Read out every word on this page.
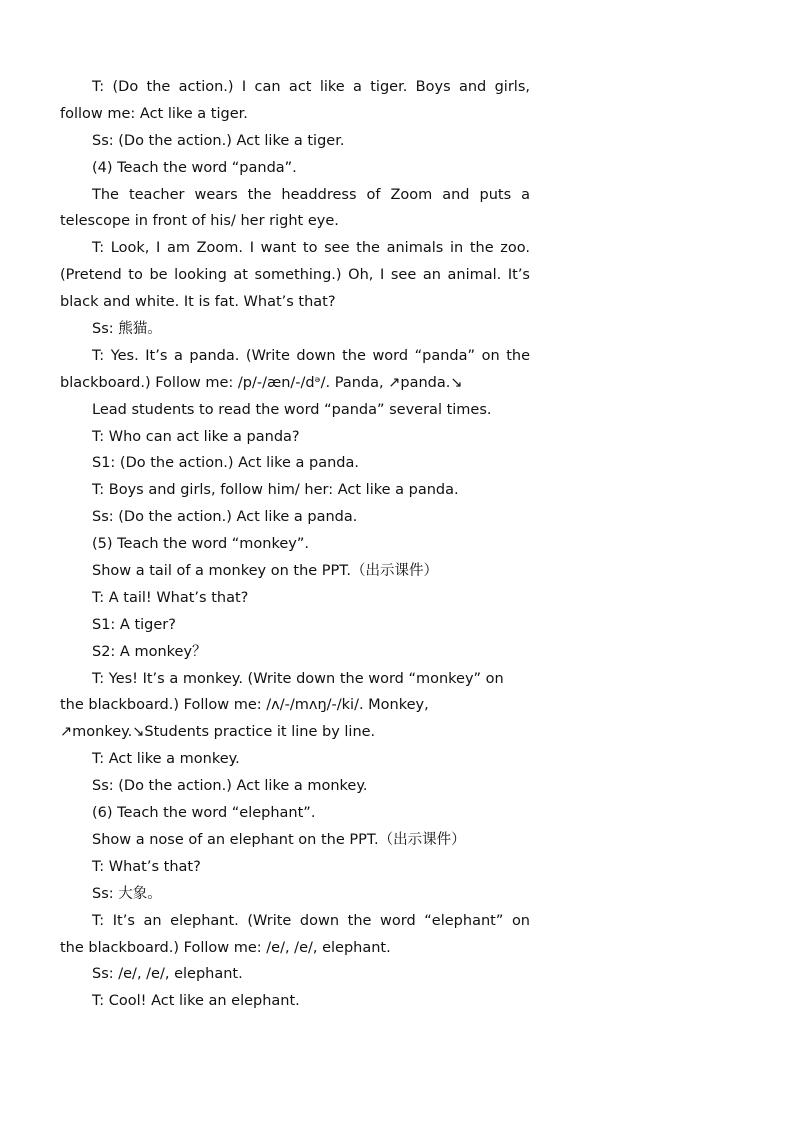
T: (Do the action.) I can act like a tiger. Boys and girls,
follow me: Act like a tiger.
Ss: (Do the action.) Act like a tiger.
(4) Teach the word “panda”.
The teacher wears the headdress of Zoom and puts a
telescope in front of his/ her right eye.
T: Look, I am Zoom. I want to see the animals in the zoo.
(Pretend to be looking at something.) Oh, I see an animal. It’s
black and white. It is fat. What’s that?
Ss: 熊猫。
T: Yes. It’s a panda. (Write down the word “panda” on the
blackboard.) Follow me: /p/-/æn/-/dᵊ/. Panda, ↗panda.↘
Lead students to read the word “panda” several times.
T: Who can act like a panda?
S1: (Do the action.) Act like a panda.
T: Boys and girls, follow him/ her: Act like a panda.
Ss: (Do the action.) Act like a panda.
(5) Teach the word “monkey”.
Show a tail of a monkey on the PPT.（出示课件）
T: A tail! What’s that?
S1: A tiger?
S2: A monkey？
T: Yes! It’s a monkey. (Write down the word “monkey” on
the blackboard.) Follow me: /ʌ/-/mʌŋ/-/ki/. Monkey,
↗monkey.↘Students practice it line by line.
T: Act like a monkey.
Ss: (Do the action.) Act like a monkey.
(6) Teach the word “elephant”.
Show a nose of an elephant on the PPT.（出示课件）
T: What’s that?
Ss: 大象。
T: It’s an elephant. (Write down the word “elephant” on
the blackboard.) Follow me: /e/, /e/, elephant.
Ss: /e/, /e/, elephant.
T: Cool! Act like an elephant.
